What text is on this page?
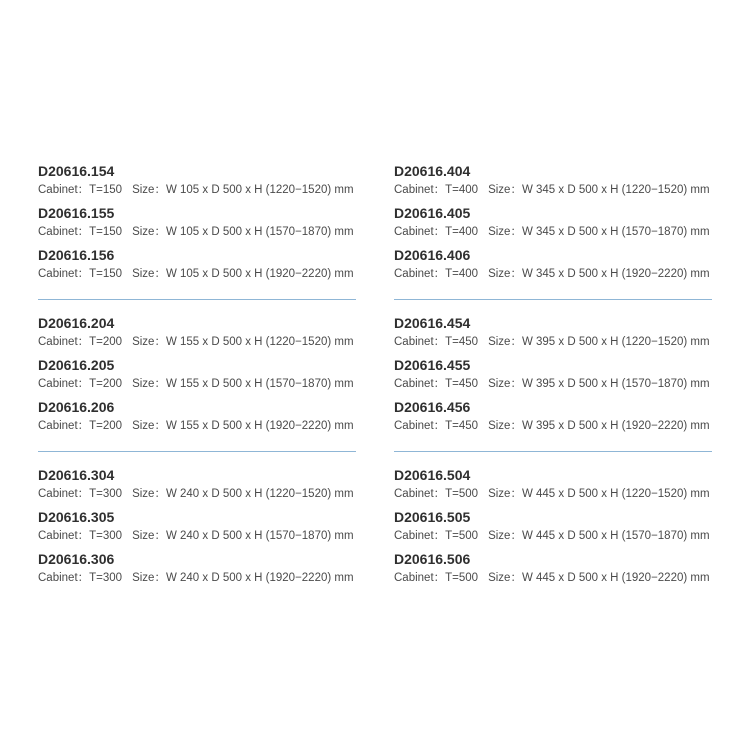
D20616.154
Cabinet：T=150 Size：W 105 x D 500 x H (1220−1520) mm
D20616.155
Cabinet：T=150 Size：W 105 x D 500 x H (1570−1870) mm
D20616.156
Cabinet：T=150 Size：W 105 x D 500 x H (1920−2220) mm
D20616.204
Cabinet：T=200 Size：W 155 x D 500 x H (1220−1520) mm
D20616.205
Cabinet：T=200 Size：W 155 x D 500 x H (1570−1870) mm
D20616.206
Cabinet：T=200 Size：W 155 x D 500 x H (1920−2220) mm
D20616.304
Cabinet：T=300 Size：W 240 x D 500 x H (1220−1520) mm
D20616.305
Cabinet：T=300 Size：W 240 x D 500 x H (1570−1870) mm
D20616.306
Cabinet：T=300 Size：W 240 x D 500 x H (1920−2220) mm
D20616.404
Cabinet：T=400 Size：W 345 x D 500 x H (1220−1520) mm
D20616.405
Cabinet：T=400 Size：W 345 x D 500 x H (1570−1870) mm
D20616.406
Cabinet：T=400 Size：W 345 x D 500 x H (1920−2220) mm
D20616.454
Cabinet：T=450 Size：W 395 x D 500 x H (1220−1520) mm
D20616.455
Cabinet：T=450 Size：W 395 x D 500 x H (1570−1870) mm
D20616.456
Cabinet：T=450 Size：W 395 x D 500 x H (1920−2220) mm
D20616.504
Cabinet：T=500 Size：W 445 x D 500 x H (1220−1520) mm
D20616.505
Cabinet：T=500 Size：W 445 x D 500 x H (1570−1870) mm
D20616.506
Cabinet：T=500 Size：W 445 x D 500 x H (1920−2220) mm
